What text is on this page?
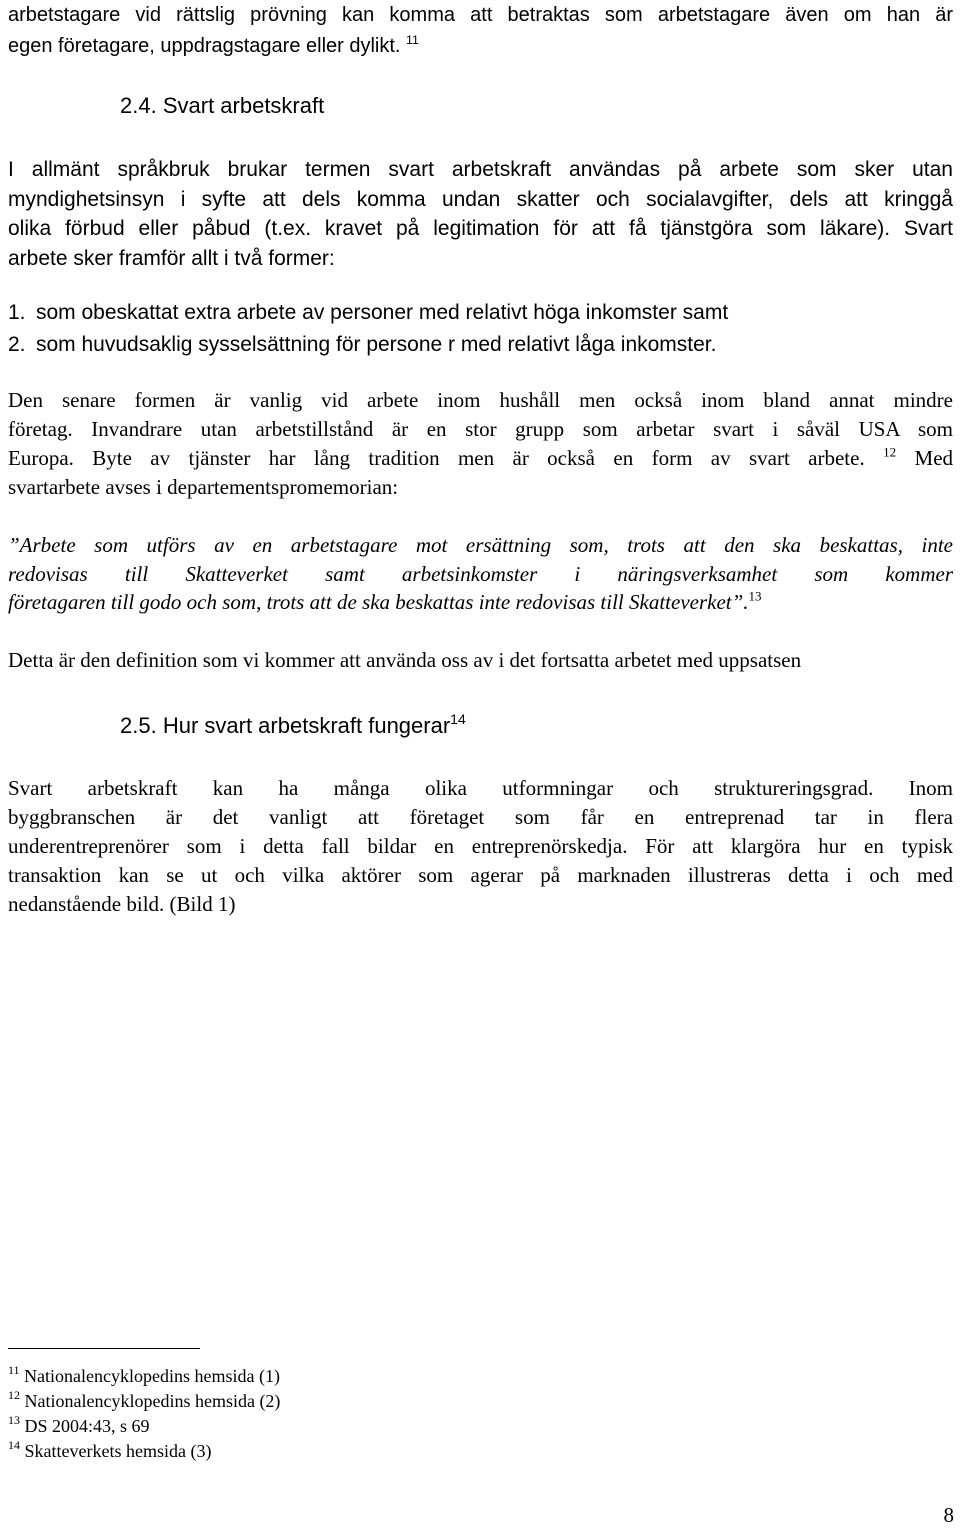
arbetstagare vid rättslig prövning kan komma att betraktas som arbetstagare även om han är
egen företagare, uppdragstagare eller dylikt. $^{11}$

2.4. Svart arbetskraft

I allmänt språkbruk brukar termen svart arbetskraft användas på arbete som sker utan
myndighetsinsyn i syfte att dels komma undan skatter och socialavgifter, dels att kringgå
olika förbud eller påbud (t.ex. kravet på legitimation för att få tjänstgöra som läkare). Svart
arbete sker framför allt i två former:

1. som obeskattat extra arbete av personer med relativt höga inkomster samt
2. som huvudsaklig sysselsättning för persone r med relativt låga inkomster.

Den senare formen är vanlig vid arbete inom hushåll men också inom bland annat mindre
företag. Invandrare utan arbetstillstånd är en stor grupp som arbetar svart i såväl USA som
Europa. Byte av tjänster har lång tradition men är också en form av svart arbete. $^{12}$ Med
svartarbete avses i departementspromemorian:

”Arbete som utförs av en arbetstagare mot ersättning som, trots att den ska beskattas, inte
redovisas till Skatteverket samt arbetsinkomster i näringsverksamhet som kommer
företagaren till godo och som, trots att de ska beskattas inte redovisas till Skatteverket”.$^{13}$

Detta är den definition som vi kommer att använda oss av i det fortsatta arbetet med uppsatsen

2.5. Hur svart arbetskraft fungerar$^{14}$

Svart arbetskraft kan ha många olika utformningar och struktureringsgrad. Inom
byggbranschen är det vanligt att företaget som får en entreprenad tar in flera
underentreprenörer som i detta fall bildar en entreprenörskedja. För att klargöra hur en typisk
transaktion kan se ut och vilka aktörer som agerar på marknaden illustreras detta i och med
nedanstående bild. (Bild 1)

$^{11}$ Nationalencyklopedins hemsida (1)
$^{12}$ Nationalencyklopedins hemsida (2)
$^{13}$ DS 2004:43, s 69
$^{14}$ Skatteverkets hemsida (3)
8
